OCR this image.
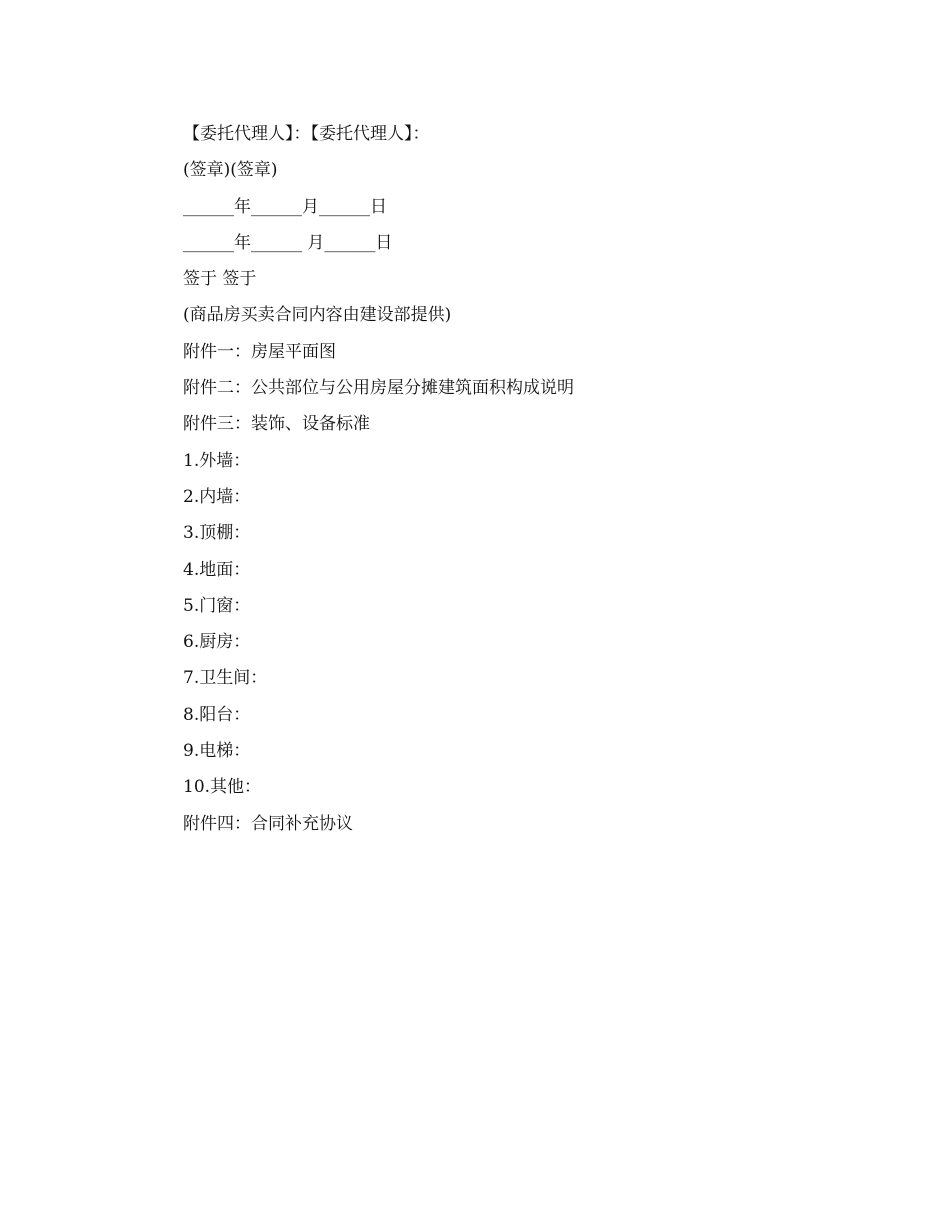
【委托代理人】：【委托代理人】：
(签章)(签章)
______年______月______日
______年______ 月______日
签于 签于
(商品房买卖合同内容由建设部提供)
附件一：房屋平面图
附件二：公共部位与公用房屋分摊建筑面积构成说明
附件三：装饰、设备标准
1.外墙：
2.内墙：
3.顶棚：
4.地面：
5.门窗：
6.厨房：
7.卫生间：
8.阳台：
9.电梯：
10.其他：
附件四：合同补充协议
